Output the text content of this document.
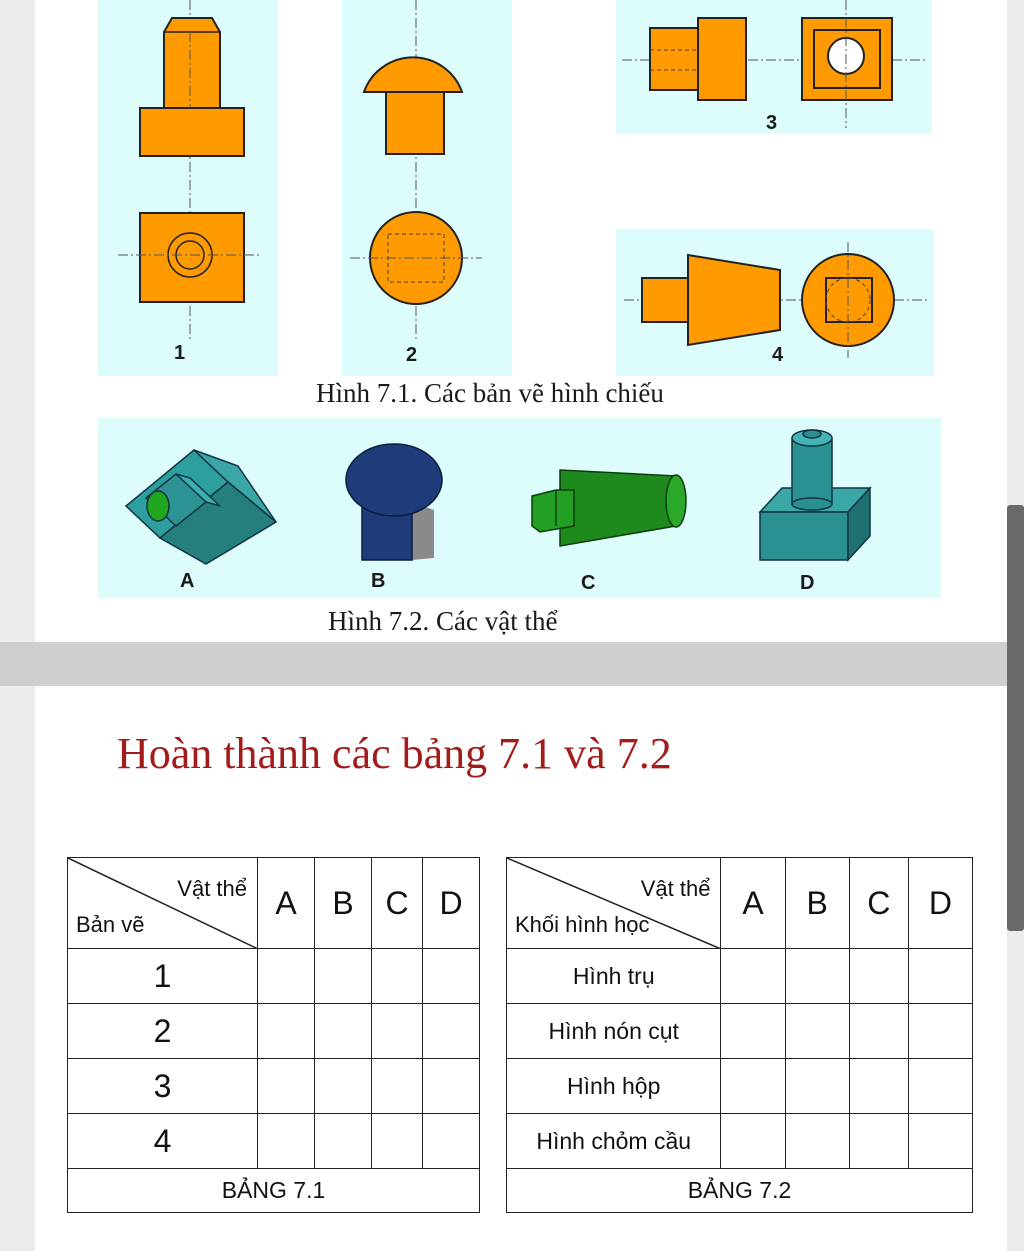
1	2
3
4
Hình 7.1. Các bản vẽ hình chiếu
A	B	C	D
Hình 7.2. Các vật thể
Hoàn thành các bảng 7.1 và 7.2
Vật thể
Bản vẽ	A	B	C	D
1				
2				
3				
4				
BẢNG 7.1				
Vật thể
Khối hình học	A	B	C	D
Hình trụ				
Hình nón cụt				
Hình hộp				
Hình chỏm cầu				
BẢNG 7.2				
